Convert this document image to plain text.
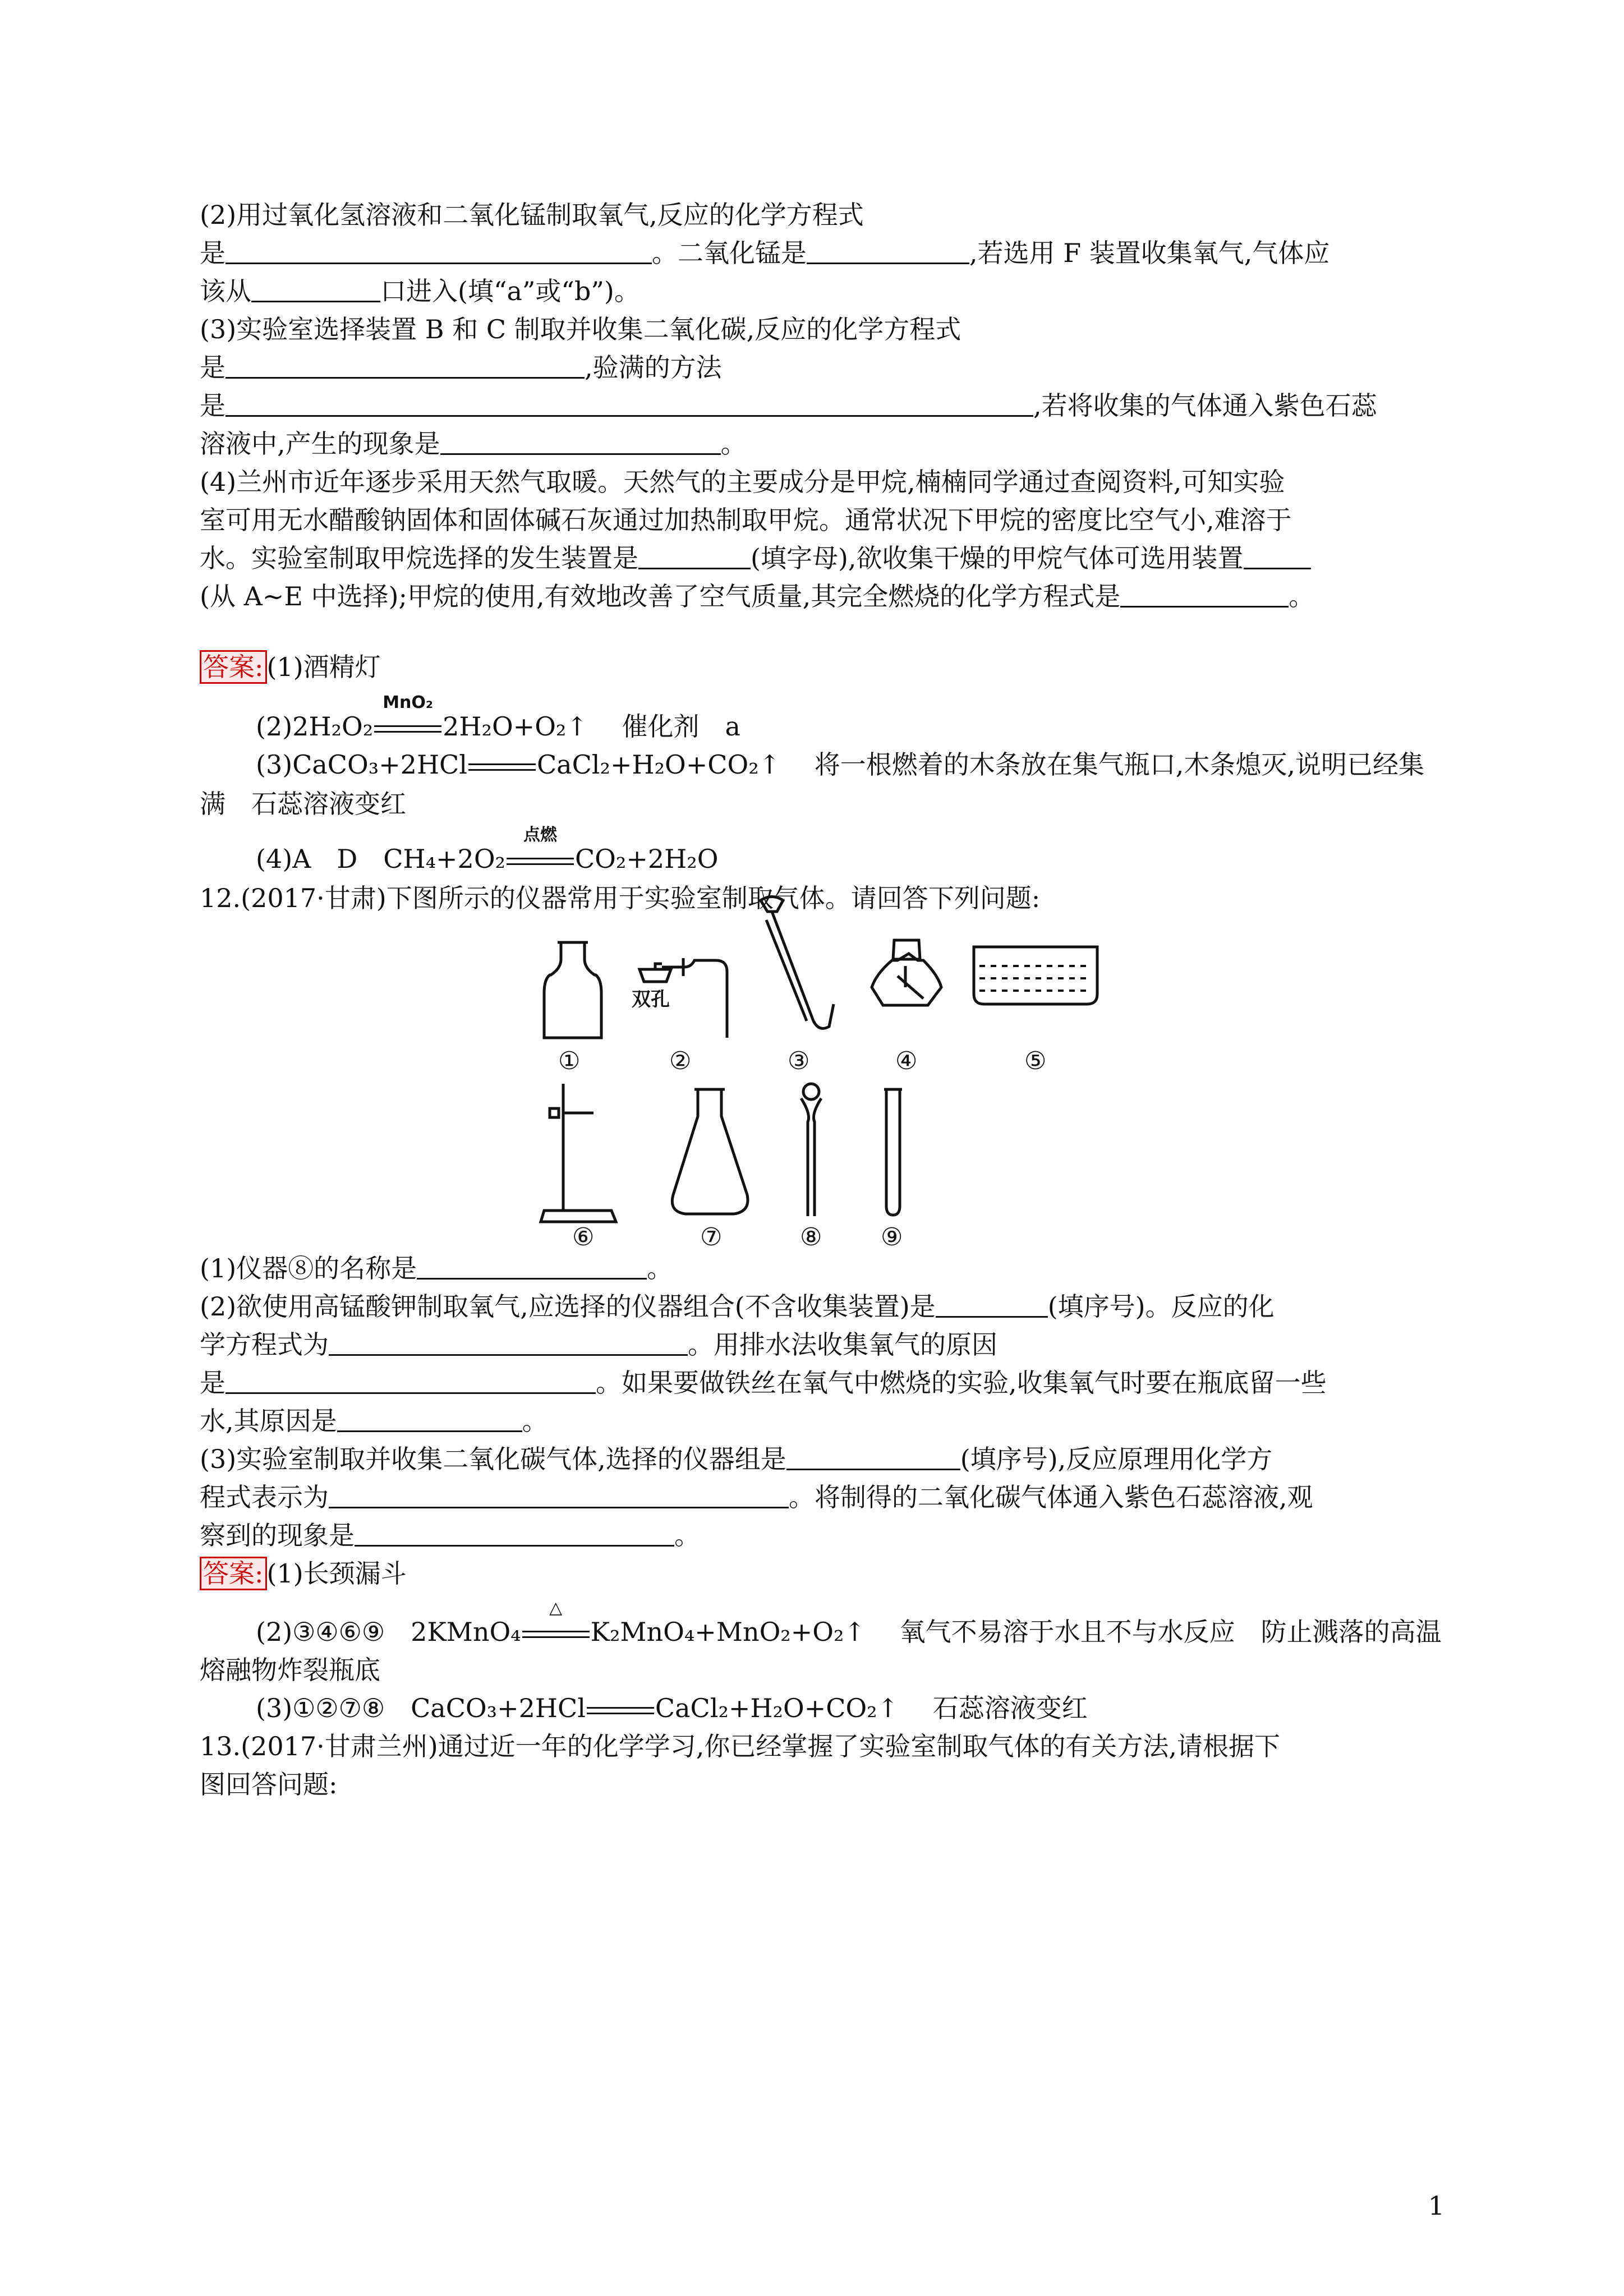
(2)用过氧化氢溶液和二氧化锰制取氧气,反应的化学方程式
是	。二氧化锰是	,若选用 F 装置收集氧气,气体应
该从	口进入(填“a”或“b”)。
(3)实验室选择装置 B 和 C 制取并收集二氧化碳,反应的化学方程式
是	,验满的方法
是	,若将收集的气体通入紫色石蕊
溶液中,产生的现象是	。
(4)兰州市近年逐步采用天然气取暖。天然气的主要成分是甲烷,楠楠同学通过查阅资料,可知实验
室可用无水醋酸钠固体和固体碱石灰通过加热制取甲烷。通常状况下甲烷的密度比空气小,难溶于
水。实验室制取甲烷选择的发生装置是	(填字母),欲收集干燥的甲烷气体可选用装置
(从 A~E 中选择);甲烷的使用,有效地改善了空气质量,其完全燃烧的化学方程式是	。
答案: (1)酒精灯
(2)2H₂O₂
MnO₂
2H₂O+O₂↑　 催化剂　a
(3)CaCO₃+2HCl	CaCl₂+H₂O+CO₂↑　 将一根燃着的木条放在集气瓶口,木条熄灭,说明已经集
满　石蕊溶液变红
(4)A　D　CH₄+2O₂
点燃
CO₂+2H₂O
12.(2017·甘肃)下图所示的仪器常用于实验室制取气体。请回答下列问题:
双孔
①	②	③	④	⑤
⑥	⑦	⑧ ⑨
(1)仪器⑧的名称是	。
(2)欲使用高锰酸钾制取氧气,应选择的仪器组合(不含收集装置)是	(填序号)。反应的化
学方程式为	。用排水法收集氧气的原因
是	。如果要做铁丝在氧气中燃烧的实验,收集氧气时要在瓶底留一些
水,其原因是	。
(3)实验室制取并收集二氧化碳气体,选择的仪器组是	(填序号),反应原理用化学方
程式表示为	。将制得的二氧化碳气体通入紫色石蕊溶液,观
察到的现象是	。
答案: (1)长颈漏斗
(2)③④⑥⑨　2KMnO₄
△
K₂MnO₄+MnO₂+O₂↑　 氧气不易溶于水且不与水反应　防止溅落的高温
熔融物炸裂瓶底
(3)①②⑦⑧　CaCO₃+2HCl	CaCl₂+H₂O+CO₂↑　 石蕊溶液变红
13.(2017·甘肃兰州)通过近一年的化学学习,你已经掌握了实验室制取气体的有关方法,请根据下
图回答问题:
1
